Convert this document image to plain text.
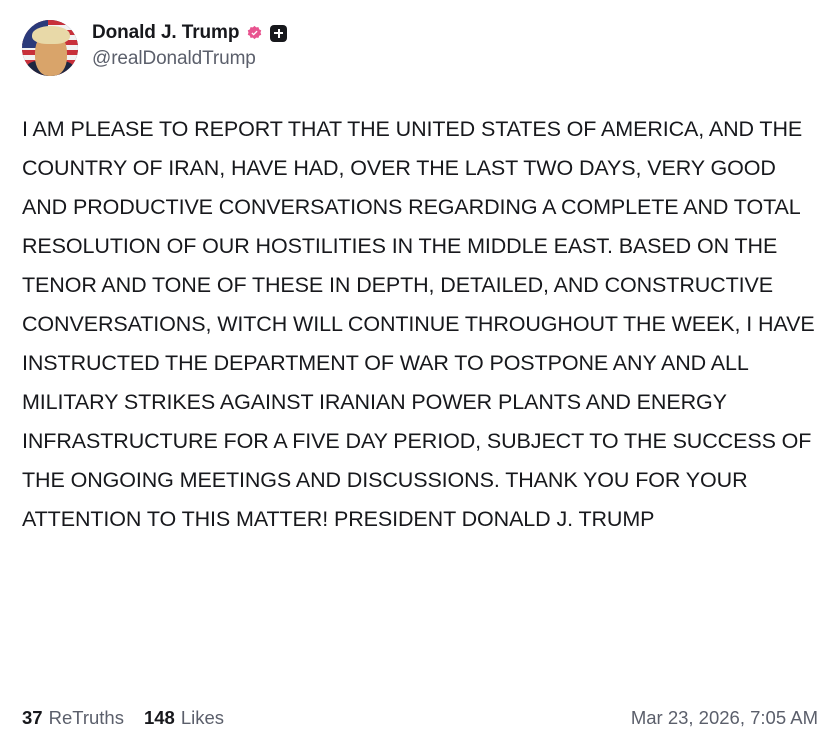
Donald J. Trump
@realDonaldTrump
I AM PLEASE TO REPORT THAT THE UNITED STATES OF AMERICA, AND THE COUNTRY OF IRAN, HAVE HAD, OVER THE LAST TWO DAYS, VERY GOOD AND PRODUCTIVE CONVERSATIONS REGARDING A COMPLETE AND TOTAL RESOLUTION OF OUR HOSTILITIES IN THE MIDDLE EAST. BASED ON THE TENOR AND TONE OF THESE IN DEPTH, DETAILED, AND CONSTRUCTIVE CONVERSATIONS, WITCH WILL CONTINUE THROUGHOUT THE WEEK, I HAVE INSTRUCTED THE DEPARTMENT OF WAR TO POSTPONE ANY AND ALL MILITARY STRIKES AGAINST IRANIAN POWER PLANTS AND ENERGY INFRASTRUCTURE FOR A FIVE DAY PERIOD, SUBJECT TO THE SUCCESS OF THE ONGOING MEETINGS AND DISCUSSIONS. THANK YOU FOR YOUR ATTENTION TO THIS MATTER! PRESIDENT DONALD J. TRUMP
37 ReTruths 148 Likes	Mar 23, 2026, 7:05 AM
